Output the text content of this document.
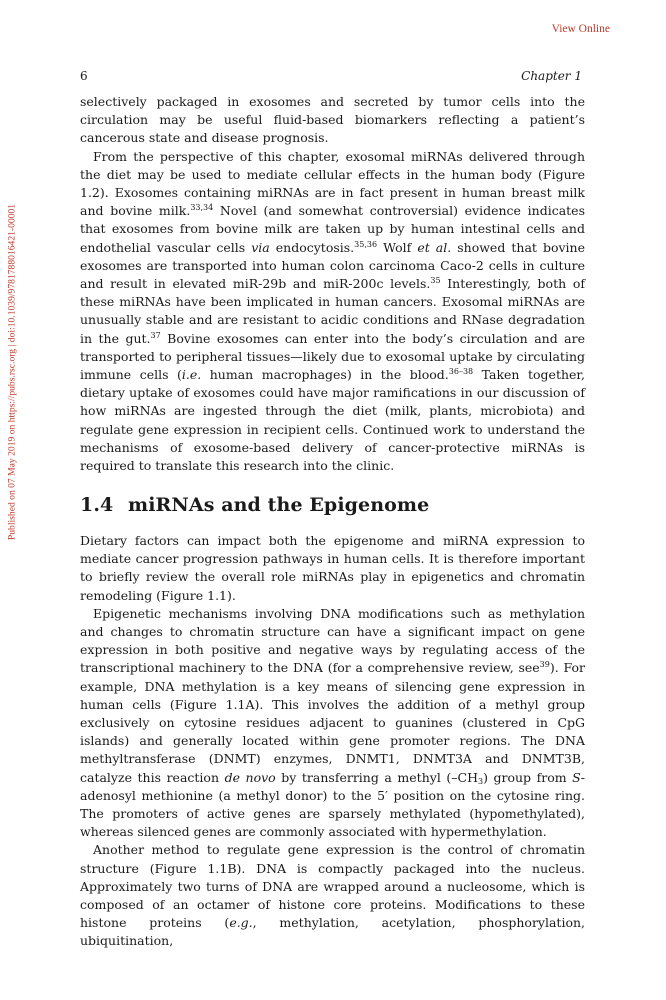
View Online
Published on 07 May 2019 on https://pubs.rsc.org | doi:10.1039/9781788016421-00001
6	Chapter 1

selectively packaged in exosomes and secreted by tumor cells into the circulation may be useful fluid-based biomarkers reflecting a patient’s cancerous state and disease prognosis.

From the perspective of this chapter, exosomal miRNAs delivered through the diet may be used to mediate cellular effects in the human body (Figure 1.2). Exosomes containing miRNAs are in fact present in human breast milk and bovine milk.$^{33,34}$ Novel (and somewhat controversial) evidence indicates that exosomes from bovine milk are taken up by human intestinal cells and endothelial vascular cells via endocytosis.$^{35,36}$ Wolf et al. showed that bovine exosomes are transported into human colon carcinoma Caco-2 cells in culture and result in elevated miR-29b and miR-200c levels.$^{35}$ Interestingly, both of these miRNAs have been implicated in human cancers. Exosomal miRNAs are unusually stable and are resistant to acidic conditions and RNase degradation in the gut.$^{37}$ Bovine exosomes can enter into the body’s circulation and are transported to peripheral tissues—likely due to exosomal uptake by circulating immune cells (i.e. human macrophages) in the blood.$^{36-38}$ Taken together, dietary uptake of exosomes could have major ramifications in our discussion of how miRNAs are ingested through the diet (milk, plants, microbiota) and regulate gene expression in recipient cells. Continued work to understand the mechanisms of exosome-based delivery of cancer-protective miRNAs is required to translate this research into the clinic.

1.4 miRNAs and the Epigenome

Dietary factors can impact both the epigenome and miRNA expression to mediate cancer progression pathways in human cells. It is therefore important to briefly review the overall role miRNAs play in epigenetics and chromatin remodeling (Figure 1.1).

Epigenetic mechanisms involving DNA modifications such as methylation and changes to chromatin structure can have a significant impact on gene expression in both positive and negative ways by regulating access of the transcriptional machinery to the DNA (for a comprehensive review, see$^{39}$). For example, DNA methylation is a key means of silencing gene expression in human cells (Figure 1.1A). This involves the addition of a methyl group exclusively on cytosine residues adjacent to guanines (clustered in CpG islands) and generally located within gene promoter regions. The DNA methyltransferase (DNMT) enzymes, DNMT1, DNMT3A and DNMT3B, catalyze this reaction de novo by transferring a methyl $(-CH_3)$ group from S-adenosyl methionine (a methyl donor) to the 5′ position on the cytosine ring. The promoters of active genes are sparsely methylated (hypomethylated), whereas silenced genes are commonly associated with hypermethylation.

Another method to regulate gene expression is the control of chromatin structure (Figure 1.1B). DNA is compactly packaged into the nucleus. Approximately two turns of DNA are wrapped around a nucleosome, which is composed of an octamer of histone core proteins. Modifications to these histone proteins (e.g., methylation, acetylation, phosphorylation, ubiquitination,
